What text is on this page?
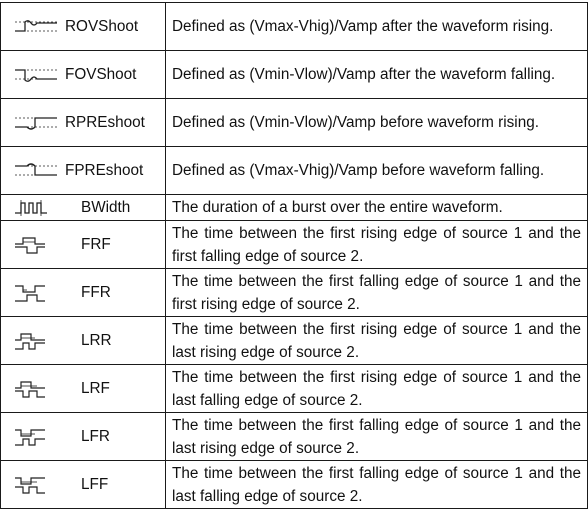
ROVShoot	Defined as (Vmax-Vhig)/Vamp after the waveform rising.

FOVShoot	Defined as (Vmin-Vlow)/Vamp after the waveform falling.

RPREshoot	Defined as (Vmin-Vlow)/Vamp before waveform rising.

FPREshoot	Defined as (Vmax-Vhig)/Vamp before waveform falling.

BWidth	The duration of a burst over the entire waveform.

FRF	The time between the first rising edge of source 1 and the first falling edge of source 2.

FFR	The time between the first falling edge of source 1 and the first rising edge of source 2.

LRR	The time between the first rising edge of source 1 and the last rising edge of source 2.

LRF	The time between the first rising edge of source 1 and the last falling edge of source 2.

LFR	The time between the first falling edge of source 1 and the last rising edge of source 2.

LFF	The time between the first falling edge of source 1 and the last falling edge of source 2.
